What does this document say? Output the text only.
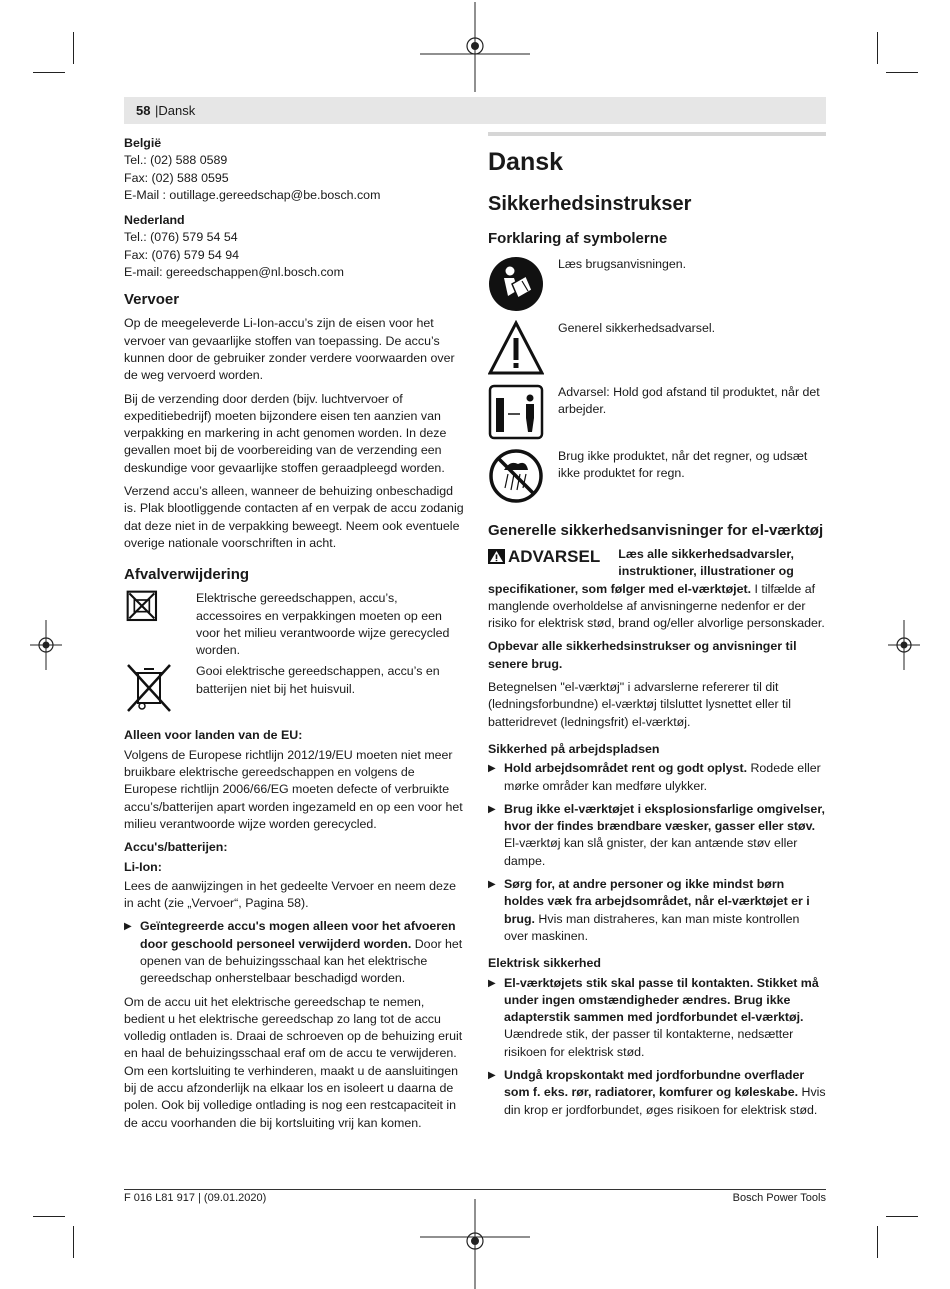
58 |Dansk
België
Tel.: (02) 588 0589
Fax: (02) 588 0595
E-Mail : outillage.gereedschap@be.bosch.com
Nederland
Tel.: (076) 579 54 54
Fax: (076) 579 54 94
E-mail: gereedschappen@nl.bosch.com
Vervoer

Op de meegeleverde Li-Ion-accu’s zijn de eisen voor het vervoer van gevaarlijke stoffen van toepassing. De accu’s kunnen door de gebruiker zonder verdere voorwaarden over de weg vervoerd worden.

Bij de verzending door derden (bijv. luchtvervoer of expeditiebedrijf) moeten bijzondere eisen ten aanzien van verpakking en markering in acht genomen worden. In deze gevallen moet bij de voorbereiding van de verzending een deskundige voor gevaarlijke stoffen geraadpleegd worden.

Verzend accu’s alleen, wanneer de behuizing onbeschadigd is. Plak blootliggende contacten af en verpak de accu zodanig dat deze niet in de verpakking beweegt. Neem ook eventuele overige nationale voorschriften in acht.

Afvalverwijdering

Elektrische gereedschappen, accu’s, accessoires en verpakkingen moeten op een voor het milieu verantwoorde wijze gerecycled worden.

Gooi elektrische gereedschappen, accu’s en batterijen niet bij het huisvuil.

Alleen voor landen van de EU:

Volgens de Europese richtlijn 2012/19/EU moeten niet meer bruikbare elektrische gereedschappen en volgens de Europese richtlijn 2006/66/EG moeten defecte of verbruikte accu’s/batterijen apart worden ingezameld en op een voor het milieu verantwoorde wijze worden gerecycled.

Accu's/batterijen:

Li-Ion:

Lees de aanwijzingen in het gedeelte Vervoer en neem deze in acht (zie „Vervoer“, Pagina 58).

▶ Geïntegreerde accu's mogen alleen voor het afvoeren door geschoold personeel verwijderd worden. Door het openen van de behuizingsschaal kan het elektrische gereedschap onherstelbaar beschadigd worden.

Om de accu uit het elektrische gereedschap te nemen, bedient u het elektrische gereedschap zo lang tot de accu volledig ontladen is. Draai de schroeven op de behuizing eruit en haal de behuizingsschaal eraf om de accu te verwijderen.

Om een kortsluiting te verhinderen, maakt u de aansluitingen bij de accu afzonderlijk na elkaar los en isoleert u daarna de polen. Ook bij volledige ontlading is nog een restcapaciteit in de accu voorhanden die bij kortsluiting vrij kan komen.

Dansk
Sikkerhedsinstrukser
Forklaring af symbolerne
Læs brugsanvisningen.
Generel sikkerhedsadvarsel.
Advarsel: Hold god afstand til produktet, når det arbejder.
Brug ikke produktet, når det regner, og udsæt ikke produktet for regn.
Generelle sikkerhedsanvisninger for el-værktøj

ADVARSEL Læs alle sikkerhedsadvarsler, instruktioner, illustrationer og specifikationer, som følger med el-værktøjet. I tilfælde af manglende overholdelse af anvisningerne nedenfor er der risiko for elektrisk stød, brand og/eller alvorlige personskader.

Opbevar alle sikkerhedsinstrukser og anvisninger til senere brug.

Betegnelsen "el-værktøj" i advarslerne refererer til dit (ledningsforbundne) el-værktøj tilsluttet lysnettet eller til batteridrevet (ledningsfrit) el-værktøj.

Sikkerhed på arbejdspladsen

▶ Hold arbejdsområdet rent og godt oplyst. Rodede eller mørke områder kan medføre ulykker.
▶ Brug ikke el-værktøjet i eksplosionsfarlige omgivelser, hvor der findes brændbare væsker, gasser eller støv. El-værktøj kan slå gnister, der kan antænde støv eller dampe.
▶ Sørg for, at andre personer og ikke mindst børn holdes væk fra arbejdsområdet, når el-værktøjet er i brug. Hvis man distraheres, kan man miste kontrollen over maskinen.

Elektrisk sikkerhed

▶ El-værktøjets stik skal passe til kontakten. Stikket må under ingen omstændigheder ændres. Brug ikke adapterstik sammen med jordforbundet el-værktøj. Uændrede stik, der passer til kontakterne, nedsætter risikoen for elektrisk stød.
▶ Undgå kropskontakt med jordforbundne overflader som f. eks. rør, radiatorer, komfurer og køleskabe. Hvis din krop er jordforbundet, øges risikoen for elektrisk stød.
F 016 L81 917 | (09.01.2020)	Bosch Power Tools
